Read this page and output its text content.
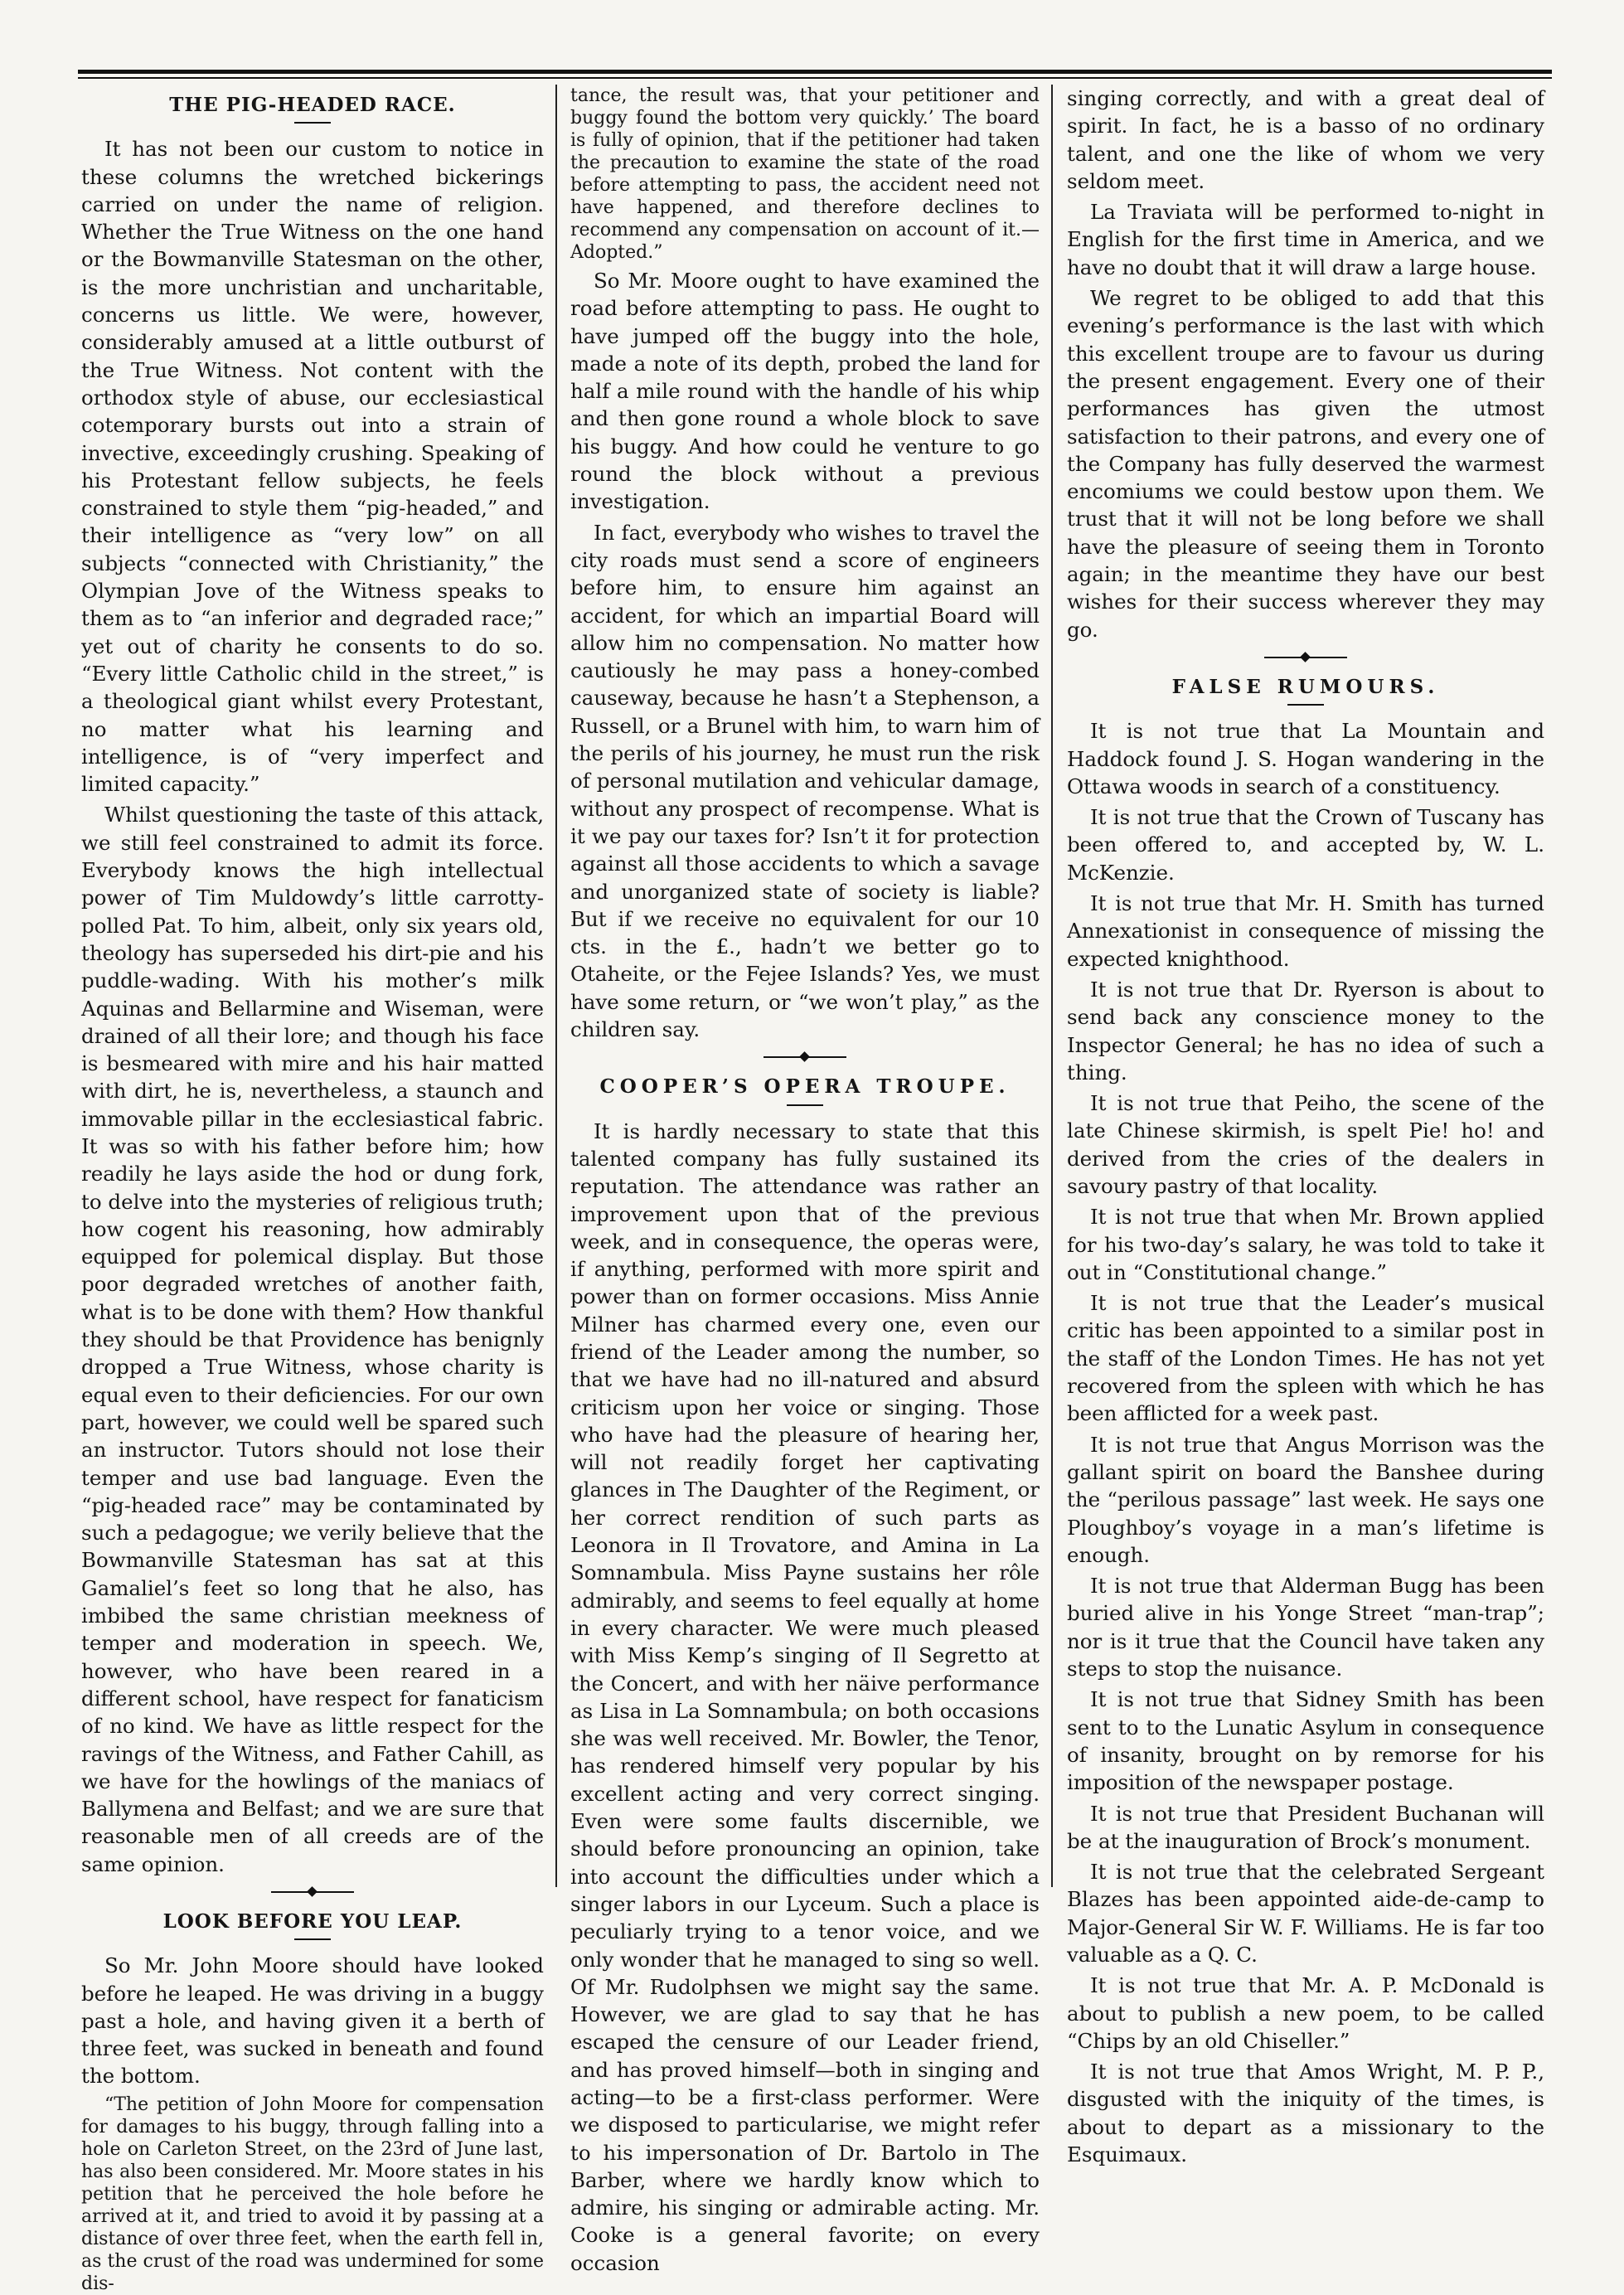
THE PIG-HEADED RACE.

It has not been our custom to notice in these columns the wretched bickerings carried on under the name of religion. Whether the True Witness on the one hand or the Bowmanville Statesman on the other, is the more unchristian and uncharitable, concerns us little. We were, however, considerably amused at a little outburst of the True Witness. Not content with the orthodox style of abuse, our ecclesiastical cotemporary bursts out into a strain of invective, exceedingly crushing. Speaking of his Protestant fellow subjects, he feels constrained to style them “pig-headed,” and their intelligence as “very low” on all subjects “connected with Christianity,” the Olympian Jove of the Witness speaks to them as to “an inferior and degraded race;” yet out of charity he consents to do so. “Every little Catholic child in the street,” is a theological giant whilst every Protestant, no matter what his learning and intelligence, is of “very imperfect and limited capacity.”

Whilst questioning the taste of this attack, we still feel constrained to admit its force. Everybody knows the high intellectual power of Tim Muldowdy’s little carrotty-polled Pat. To him, albeit, only six years old, theology has superseded his dirt-pie and his puddle-wading. With his mother’s milk Aquinas and Bellarmine and Wiseman, were drained of all their lore; and though his face is besmeared with mire and his hair matted with dirt, he is, nevertheless, a staunch and immovable pillar in the ecclesiastical fabric. It was so with his father before him; how readily he lays aside the hod or dung fork, to delve into the mysteries of religious truth; how cogent his reasoning, how admirably equipped for polemical display. But those poor degraded wretches of another faith, what is to be done with them? How thankful they should be that Providence has benignly dropped a True Witness, whose charity is equal even to their deficiencies. For our own part, however, we could well be spared such an instructor. Tutors should not lose their temper and use bad language. Even the “pig-headed race” may be contaminated by such a pedagogue; we verily believe that the Bowmanville Statesman has sat at this Gamaliel’s feet so long that he also, has imbibed the same christian meekness of temper and moderation in speech. We, however, who have been reared in a different school, have respect for fanaticism of no kind. We have as little respect for the ravings of the Witness, and Father Cahill, as we have for the howlings of the maniacs of Ballymena and Belfast; and we are sure that reasonable men of all creeds are of the same opinion.

LOOK BEFORE YOU LEAP.

So Mr. John Moore should have looked before he leaped. He was driving in a buggy past a hole, and having given it a berth of three feet, was sucked in beneath and found the bottom.

“The petition of John Moore for compensation for damages to his buggy, through falling into a hole on Carleton Street, on the 23rd of June last, has also been considered. Mr. Moore states in his petition that he perceived the hole before he arrived at it, and tried to avoid it by passing at a distance of over three feet, when the earth fell in, as the crust of the road was undermined for some dis-

tance, the result was, that your petitioner and buggy found the bottom very quickly.’ The board is fully of opinion, that if the petitioner had taken the precaution to examine the state of the road before attempting to pass, the accident need not have happened, and therefore declines to recommend any compensation on account of it.—Adopted.”

So Mr. Moore ought to have examined the road before attempting to pass. He ought to have jumped off the buggy into the hole, made a note of its depth, probed the land for half a mile round with the handle of his whip and then gone round a whole block to save his buggy. And how could he venture to go round the block without a previous investigation.

In fact, everybody who wishes to travel the city roads must send a score of engineers before him, to ensure him against an accident, for which an impartial Board will allow him no compensation. No matter how cautiously he may pass a honey-combed causeway, because he hasn’t a Stephenson, a Russell, or a Brunel with him, to warn him of the perils of his journey, he must run the risk of personal mutilation and vehicular damage, without any prospect of recompense. What is it we pay our taxes for? Isn’t it for protection against all those accidents to which a savage and unorganized state of society is liable? But if we receive no equivalent for our 10 cts. in the £., hadn’t we better go to Otaheite, or the Fejee Islands? Yes, we must have some return, or “we won’t play,” as the children say.

COOPER’S OPERA TROUPE.

It is hardly necessary to state that this talented company has fully sustained its reputation. The attendance was rather an improvement upon that of the previous week, and in consequence, the operas were, if anything, performed with more spirit and power than on former occasions. Miss Annie Milner has charmed every one, even our friend of the Leader among the number, so that we have had no ill-natured and absurd criticism upon her voice or singing. Those who have had the pleasure of hearing her, will not readily forget her captivating glances in The Daughter of the Regiment, or her correct rendition of such parts as Leonora in Il Trovatore, and Amina in La Somnambula. Miss Payne sustains her rôle admirably, and seems to feel equally at home in every character. We were much pleased with Miss Kemp’s singing of Il Segretto at the Concert, and with her näive performance as Lisa in La Somnambula; on both occasions she was well received. Mr. Bowler, the Tenor, has rendered himself very popular by his excellent acting and very correct singing. Even were some faults discernible, we should before pronouncing an opinion, take into account the difficulties under which a singer labors in our Lyceum. Such a place is peculiarly trying to a tenor voice, and we only wonder that he managed to sing so well. Of Mr. Rudolphsen we might say the same. However, we are glad to say that he has escaped the censure of our Leader friend, and has proved himself—both in singing and acting—to be a first-class performer. Were we disposed to particularise, we might refer to his impersonation of Dr. Bartolo in The Barber, where we hardly know which to admire, his singing or admirable acting. Mr. Cooke is a general favorite; on every occasion

singing correctly, and with a great deal of spirit. In fact, he is a basso of no ordinary talent, and one the like of whom we very seldom meet.

La Traviata will be performed to-night in English for the first time in America, and we have no doubt that it will draw a large house.

We regret to be obliged to add that this evening’s performance is the last with which this excellent troupe are to favour us during the present engagement. Every one of their performances has given the utmost satisfaction to their patrons, and every one of the Company has fully deserved the warmest encomiums we could bestow upon them. We trust that it will not be long before we shall have the pleasure of seeing them in Toronto again; in the meantime they have our best wishes for their success wherever they may go.

FALSE RUMOURS.

It is not true that La Mountain and Haddock found J. S. Hogan wandering in the Ottawa woods in search of a constituency.

It is not true that the Crown of Tuscany has been offered to, and accepted by, W. L. McKenzie.

It is not true that Mr. H. Smith has turned Annexationist in consequence of missing the expected knighthood.

It is not true that Dr. Ryerson is about to send back any conscience money to the Inspector General; he has no idea of such a thing.

It is not true that Peiho, the scene of the late Chinese skirmish, is spelt Pie! ho! and derived from the cries of the dealers in savoury pastry of that locality.

It is not true that when Mr. Brown applied for his two-day’s salary, he was told to take it out in “Constitutional change.”

It is not true that the Leader’s musical critic has been appointed to a similar post in the staff of the London Times. He has not yet recovered from the spleen with which he has been afflicted for a week past.

It is not true that Angus Morrison was the gallant spirit on board the Banshee during the “perilous passage” last week. He says one Ploughboy’s voyage in a man’s lifetime is enough.

It is not true that Alderman Bugg has been buried alive in his Yonge Street “man-trap”; nor is it true that the Council have taken any steps to stop the nuisance.

It is not true that Sidney Smith has been sent to to the Lunatic Asylum in consequence of insanity, brought on by remorse for his imposition of the newspaper postage.

It is not true that President Buchanan will be at the inauguration of Brock’s monument.

It is not true that the celebrated Sergeant Blazes has been appointed aide-de-camp to Major-General Sir W. F. Williams. He is far too valuable as a Q. C.

It is not true that Mr. A. P. McDonald is about to publish a new poem, to be called “Chips by an old Chiseller.”

It is not true that Amos Wright, M. P. P., disgusted with the iniquity of the times, is about to depart as a missionary to the Esquimaux.
